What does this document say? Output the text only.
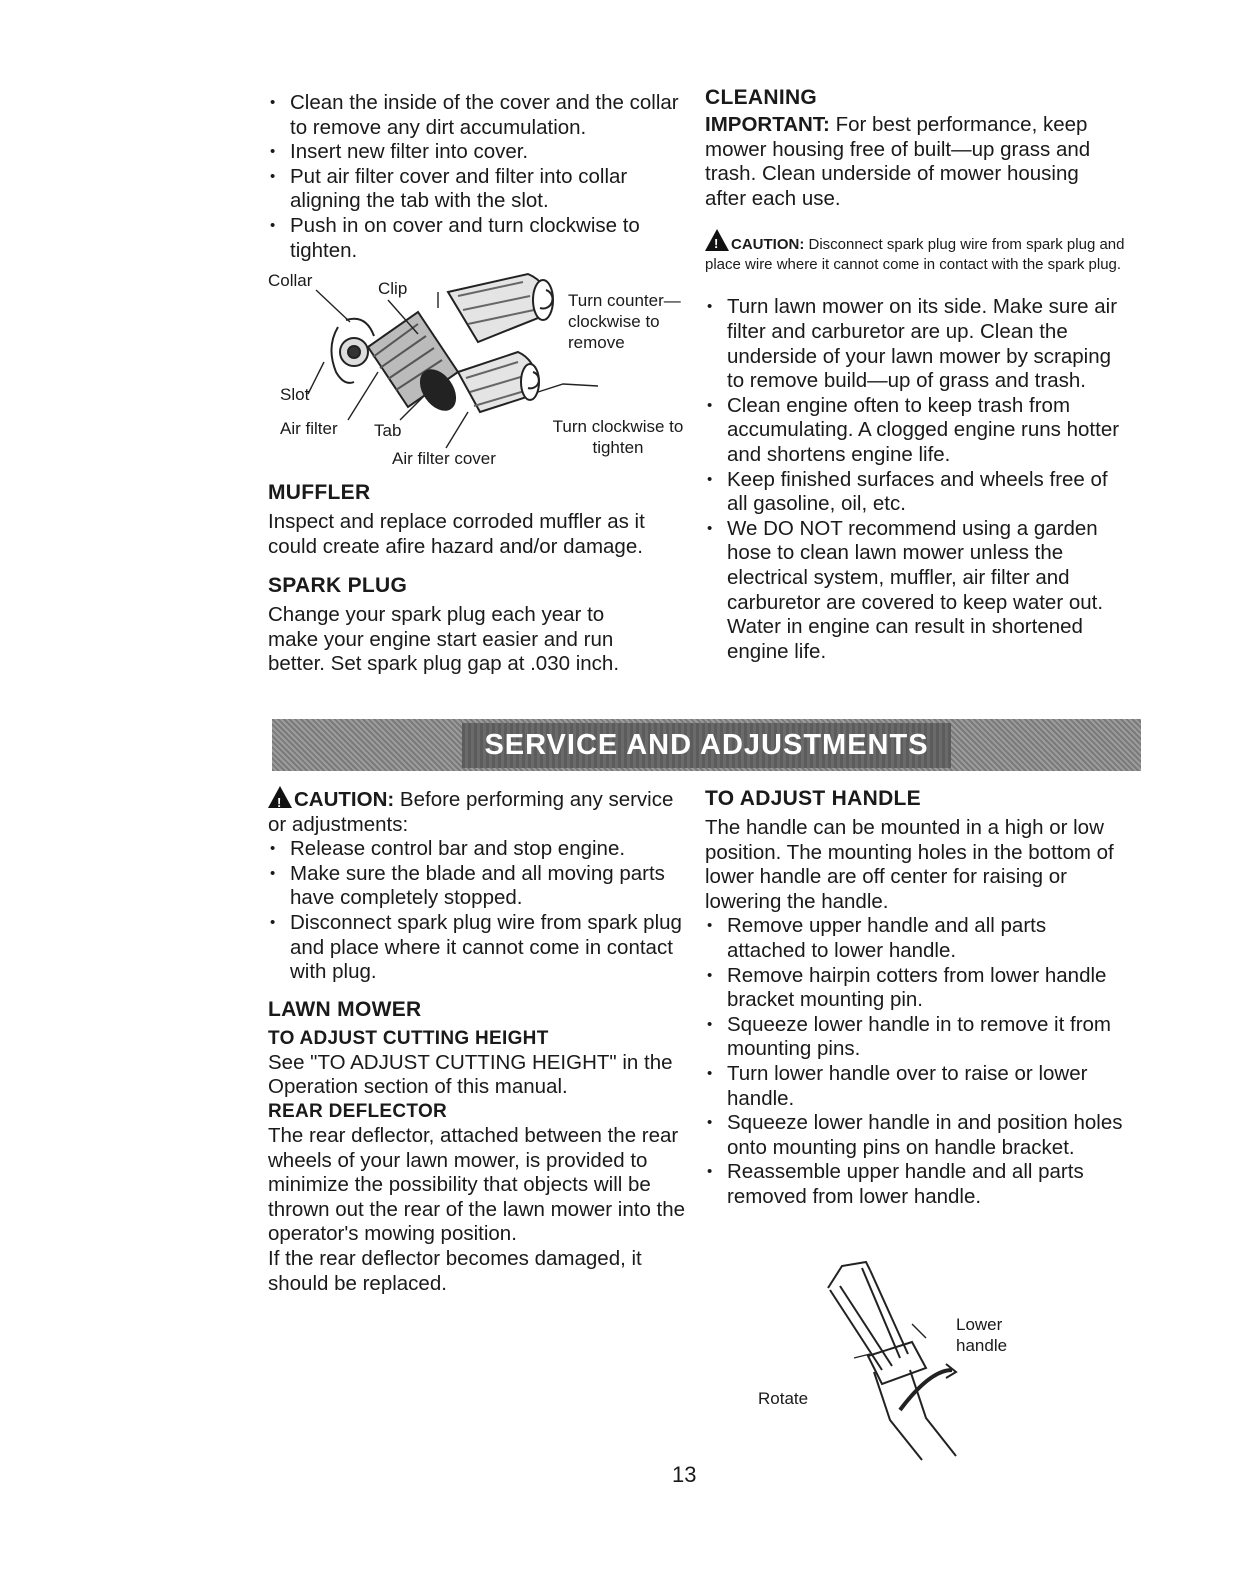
• Clean the inside of the cover and the collar to remove any dirt accumulation.
• Insert new filter into cover.
• Put air filter cover and filter into collar aligning the tab with the slot.
• Push in on cover and turn clockwise to tighten.
Collar	Clip
Slot
Air filter Tab
Air filter cover
Turn counter— clockwise to remove
Turn clockwise to tighten
MUFFLER

Inspect and replace corroded muffler as it could create afire hazard and/or damage.

SPARK PLUG

Change your spark plug each year to make your engine start easier and run better. Set spark plug gap at .030 inch.

CLEANING

IMPORTANT: For best performance, keep mower housing free of built—up grass and trash. Clean underside of mower housing after each use.

!CAUTION: Disconnect spark plug wire from spark plug and place wire where it cannot come in contact with the spark plug.

• Turn lawn mower on its side. Make sure air filter and carburetor are up. Clean the underside of your lawn mower by scraping to remove build—up of grass and trash.
• Clean engine often to keep trash from accumulating. A clogged engine runs hotter and shortens engine life.
• Keep finished surfaces and wheels free of all gasoline, oil, etc.
• We DO NOT recommend using a garden hose to clean lawn mower unless the electrical system, muffler, air filter and carburetor are covered to keep water out. Water in engine can result in shortened engine life.
SERVICE AND ADJUSTMENTS

!CAUTION: Before performing any service or adjustments:

• Release control bar and stop engine.
• Make sure the blade and all moving parts have completely stopped.
• Disconnect spark plug wire from spark plug and place where it cannot come in contact with plug.
LAWN MOWER
TO ADJUST CUTTING HEIGHT

See "TO ADJUST CUTTING HEIGHT" in the Operation section of this manual.

REAR DEFLECTOR

The rear deflector, attached between the rear wheels of your lawn mower, is provided to minimize the possibility that objects will be thrown out the rear of the lawn mower into the operator's mowing position.

If the rear deflector becomes damaged, it should be replaced.

TO ADJUST HANDLE

The handle can be mounted in a high or low position. The mounting holes in the bottom of lower handle are off center for raising or lowering the handle.

• Remove upper handle and all parts attached to lower handle.
• Remove hairpin cotters from lower handle bracket mounting pin.
• Squeeze lower handle in to remove it from mounting pins.
• Turn lower handle over to raise or lower handle.
• Squeeze lower handle in and position holes onto mounting pins on handle bracket.
• Reassemble upper handle and all parts removed from lower handle.
Lower handle
Rotate
13
